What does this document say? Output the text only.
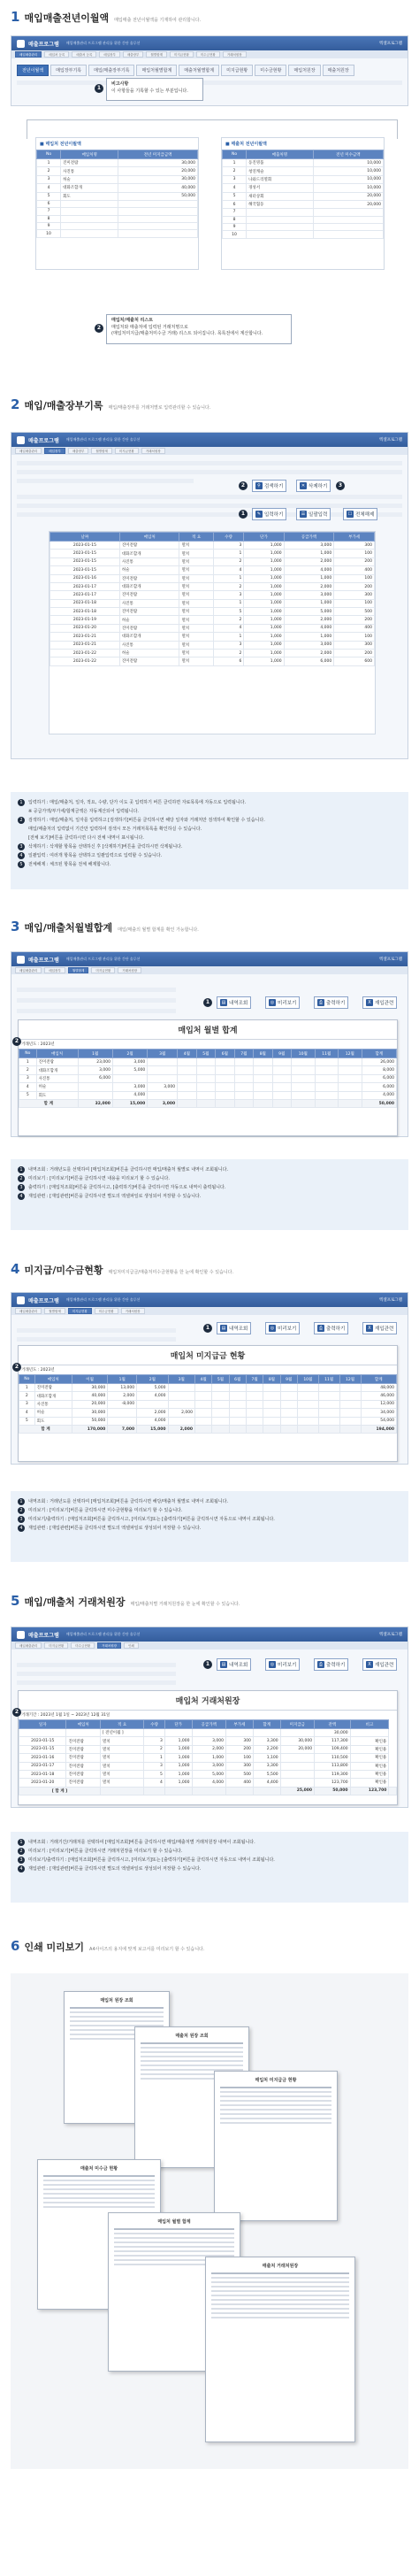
1 매입매출전년이월액 매입매출 전년이월액을 기재하여 관리합니다.
매출프로그램 매입매출관리 프로그램 관리를 위한 간단 솔루션	엑셀프로그램
매입매출관리	매입처 등록	매출처 등록	매입장부	매출장부	월별합계	미지급현황	미수금현황	거래처원장
전년이월액	매입장부기록	매입/매출장부기록	매입처월별합계	매출처월별합계	미지급현황	미수금현황	매입처원장	매출처원장
1
비고사항
이 사항들을 기록할 수 있는 부분입니다.
■ 매입처 전년이월액
No	매입처명	전년 미지급금액
1	진미전람	30,000
2	사진통	20,000
3	허술	30,000
4	대화조합개	40,000
5	회도	50,000
6		
7		
8		
9		
10		
■ 매출처 전년이월액
No	매출처명	전년 미수금액
1	동진명품	10,000
2	청연캐슬	10,000
3	나와드리열회	10,000
4	경성서	10,000
5	새터상회	20,000
6	해국협동	20,000
7		
8		
9		
10		
2
매입처/매출처 리스트
매입처와 매출처에 입력된 거래처명으로
(매입처미지급/매출처미수금 거래) 리스트 되어집니다. 목록전에서 계산합니다.
2 매입/매출장부기록 매입/매출장부를 거래처별로 입력관리할 수 있습니다.
매출프로그램 매입매출관리 프로그램 관리를 위한 간단 솔루션	엑셀프로그램
매입매출관리	매입장부	매출장부	월별합계	미지급현황	거래처원장
⚲ 검색하기	✕ 삭제하기
2	3
✎ 입력하기	☰ 일괄입력	☐ 전체해제
1
날짜	매입처	적 요	수량	단가	공급가액	부가세
2023-01-15	진미전람	멸치	3	1,000	3,000	300
2023-01-15	대화조합개	멸치	1	1,000	1,000	100
2023-01-15	사진통	멸치	2	1,000	2,000	200
2023-01-15	허술	멸치	4	1,000	4,000	400
2023-01-16	진미전람	멸치	1	1,000	1,000	100
2023-01-17	대화조합개	멸치	2	1,000	2,000	200
2023-01-17	진미전람	멸치	3	1,000	3,000	300
2023-01-18	사진통	멸치	1	1,000	1,000	100
2023-01-18	진미전람	멸치	5	1,000	5,000	500
2023-01-19	허술	멸치	2	1,000	2,000	200
2023-01-20	진미전람	멸치	4	1,000	4,000	400
2023-01-21	대화조합개	멸치	1	1,000	1,000	100
2023-01-21	사진통	멸치	3	1,000	3,000	300
2023-01-22	허술	멸치	2	1,000	2,000	200
2023-01-22	진미전람	멸치	6	1,000	6,000	600
1	입력하기 : 매입/매출처, 일자, 적요, 수량, 단가 이도 곳 입력하기 버튼 클릭하면 자료목록에 자동으로 입력됩니다.
※ 공급가액/부가세/합계금액은 자동계산되어 입력됩니다.
2	검색하기 : 매입/매출처, 일자를 입력하고 [검색하기]버튼을 클릭하시면 해당 일자와 거래처만 검색하여 확인할 수 있습니다.
매입/매출처의 입력없이 기간만 입력하여 검색시 모든 거래처목록을 확인하실 수 있습니다.
[전체 보기]버튼을 클릭하시면 다시 전체 내역이 표시됩니다.
3	삭제하기 : 삭제할 항목을 선택하신 후 [삭제하기]버튼을 클릭하시면 삭제됩니다.
4	일괄입력 : 여러개 항목을 선택하고 일괄입력으로 입력할 수 있습니다.
5	전체해제 : 체크된 항목을 전체 해제합니다.
3 매입/매출처월별합계 매입/매출의 월별 합계를 확인 가능합니다.
매출프로그램 매입매출관리 프로그램 관리를 위한 간단 솔루션	엑셀프로그램
매입매출관리	매입장부	월별합계	미지급현황	거래처원장
▤ 내역조회	◎ 미리보기	⎙ 출력하기	X 재입관련
1
매입처 월별 합계
거래년도 : 2023년
No	매입처	1월	2월	3월	4월	5월	6월	7월	8월	9월	10월	11월	12월	합계
1	진미전람	23,000	3,000											26,000
2	대화조합개	3,000	5,000											8,000
3	사진통	6,000												6,000
4	허술		3,000	3,000										6,000
5	회도		4,000											4,000
합 계		32,000	15,000	3,000										50,000
2
1	내역조회 : 거래년도를 선택하여 [매입처조회]버튼을 클릭하시면 매입/매출처 월별로 내역이 조회됩니다.
2	미리보기 : [미리보기]버튼을 클릭하시면 내용을 미리보기 할 수 있습니다.
3	출력하기 : [매입처조회]버튼을 클릭하시고, [출력하기]버튼을 클릭하시면 자동으로 내역이 출력됩니다.
4	재입관련 : [재입관련]버튼을 클릭하시면 별도의 엑셀파일로 생성되어 저장할 수 있습니다.
4 미지급/미수금현황 매입처미지급금/매출처미수금현황을 한 눈에 확인할 수 있습니다.
매출프로그램 매입매출관리 프로그램 관리를 위한 간단 솔루션	엑셀프로그램
매입매출관리	월별합계	미지급현황	미수금현황	거래처원장
▤ 내역조회	◎ 미리보기	⎙ 출력하기	X 재입관련
1
매입처 미지급금 현황
거래년도 : 2023년
No	매입처	이월	1월	2월	3월	4월	5월	6월	7월	8월	9월	10월	11월	12월	합계
1	진미전람	30,000	13,000	5,000											48,000
2	대화조합개	40,000	2,000	4,000											46,000
3	사진통	20,000	-8,000												12,000
4	허술	30,000		2,000	2,000										34,000
5	회도	50,000		4,000											54,000
합 계		170,000	7,000	15,000	2,000										194,000
2
1	내역조회 : 거래년도를 선택하여 [매입처조회]버튼을 클릭하시면 해당/매출처 월별로 내역이 조회됩니다.
2	미리보기 : [미리보기]버튼을 클릭하시면 미수금현황을 미리보기 할 수 있습니다.
3	미리보기/출력하기 : [매입처조회]버튼을 클릭하시고, [미리보기]또는 [출력하기]버튼을 클릭하시면 자동으로 내역이 조회됩니다.
4	재입관련 : [재입관련]버튼을 클릭하시면 별도의 엑셀파일로 생성되어 저장할 수 있습니다.
5 매입/매출처 거래처원장 매입/매출처별 거래처원장을 한 눈에 확인할 수 있습니다.
매출프로그램 매입매출관리 프로그램 관리를 위한 간단 솔루션	엑셀프로그램
매입매출관리	미지급현황	미수금현황	거래처원장	인쇄
▤ 내역조회	◎ 미리보기	⎙ 출력하기	X 재입관련
1
매입처 거래처원장
거래기간 : 2023년 1월 1일 ~ 2023년 12월 31일
일자	매입처	적 요	수량	단가	공급가액	부가세	합계	미지급금	잔액	비고	
		[ 전년이월 ]							30,000		
2023-01-15	진미전람	멸치	3	1,000	3,000	300	3,300	30,000	117,300	확인용	
2023-01-15	진미전람	멸치	2	1,000	2,000	200	2,200	20,000	109,400	확인용	
2023-01-16	진미전람	멸치	1	1,000	1,000	100	1,100		110,500	확인용	
2023-01-17	진미전람	멸치	3	1,000	3,000	300	3,300		113,800	확인용	
2023-01-18	진미전람	멸치	5	1,000	5,000	500	5,500		119,300	확인용	
2023-01-20	진미전람	멸치	4	1,000	4,000	400	4,400		123,700	확인용	
[ 합 계 ]								25,000	50,000	123,700	
2
1	내역조회 : 거래기간/거래처를 선택하여 [매입처조회]버튼을 클릭하시면 매입/매출처별 거래처원장 내역이 조회됩니다.
2	미리보기 : [미리보기]버튼을 클릭하시면 거래처원장을 미리보기 할 수 있습니다.
3	미리보기/출력하기 : [매입처조회]버튼을 클릭하시고, [미리보기]또는 [출력하기]버튼을 클릭하시면 자동으로 내역이 조회됩니다.
4	재입관련 : [재입관련]버튼을 클릭하시면 별도의 엑셀파일로 생성되어 저장할 수 있습니다.
6 인쇄 미리보기 A4사이즈의 용지에 맞게 보고서를 미리보기 할 수 있습니다.
매입처 원장 조회
매출처 원장 조회
매입처 미지급금 현황
매출처 미수금 현황
매입처 월별 합계
매출처 거래처원장
